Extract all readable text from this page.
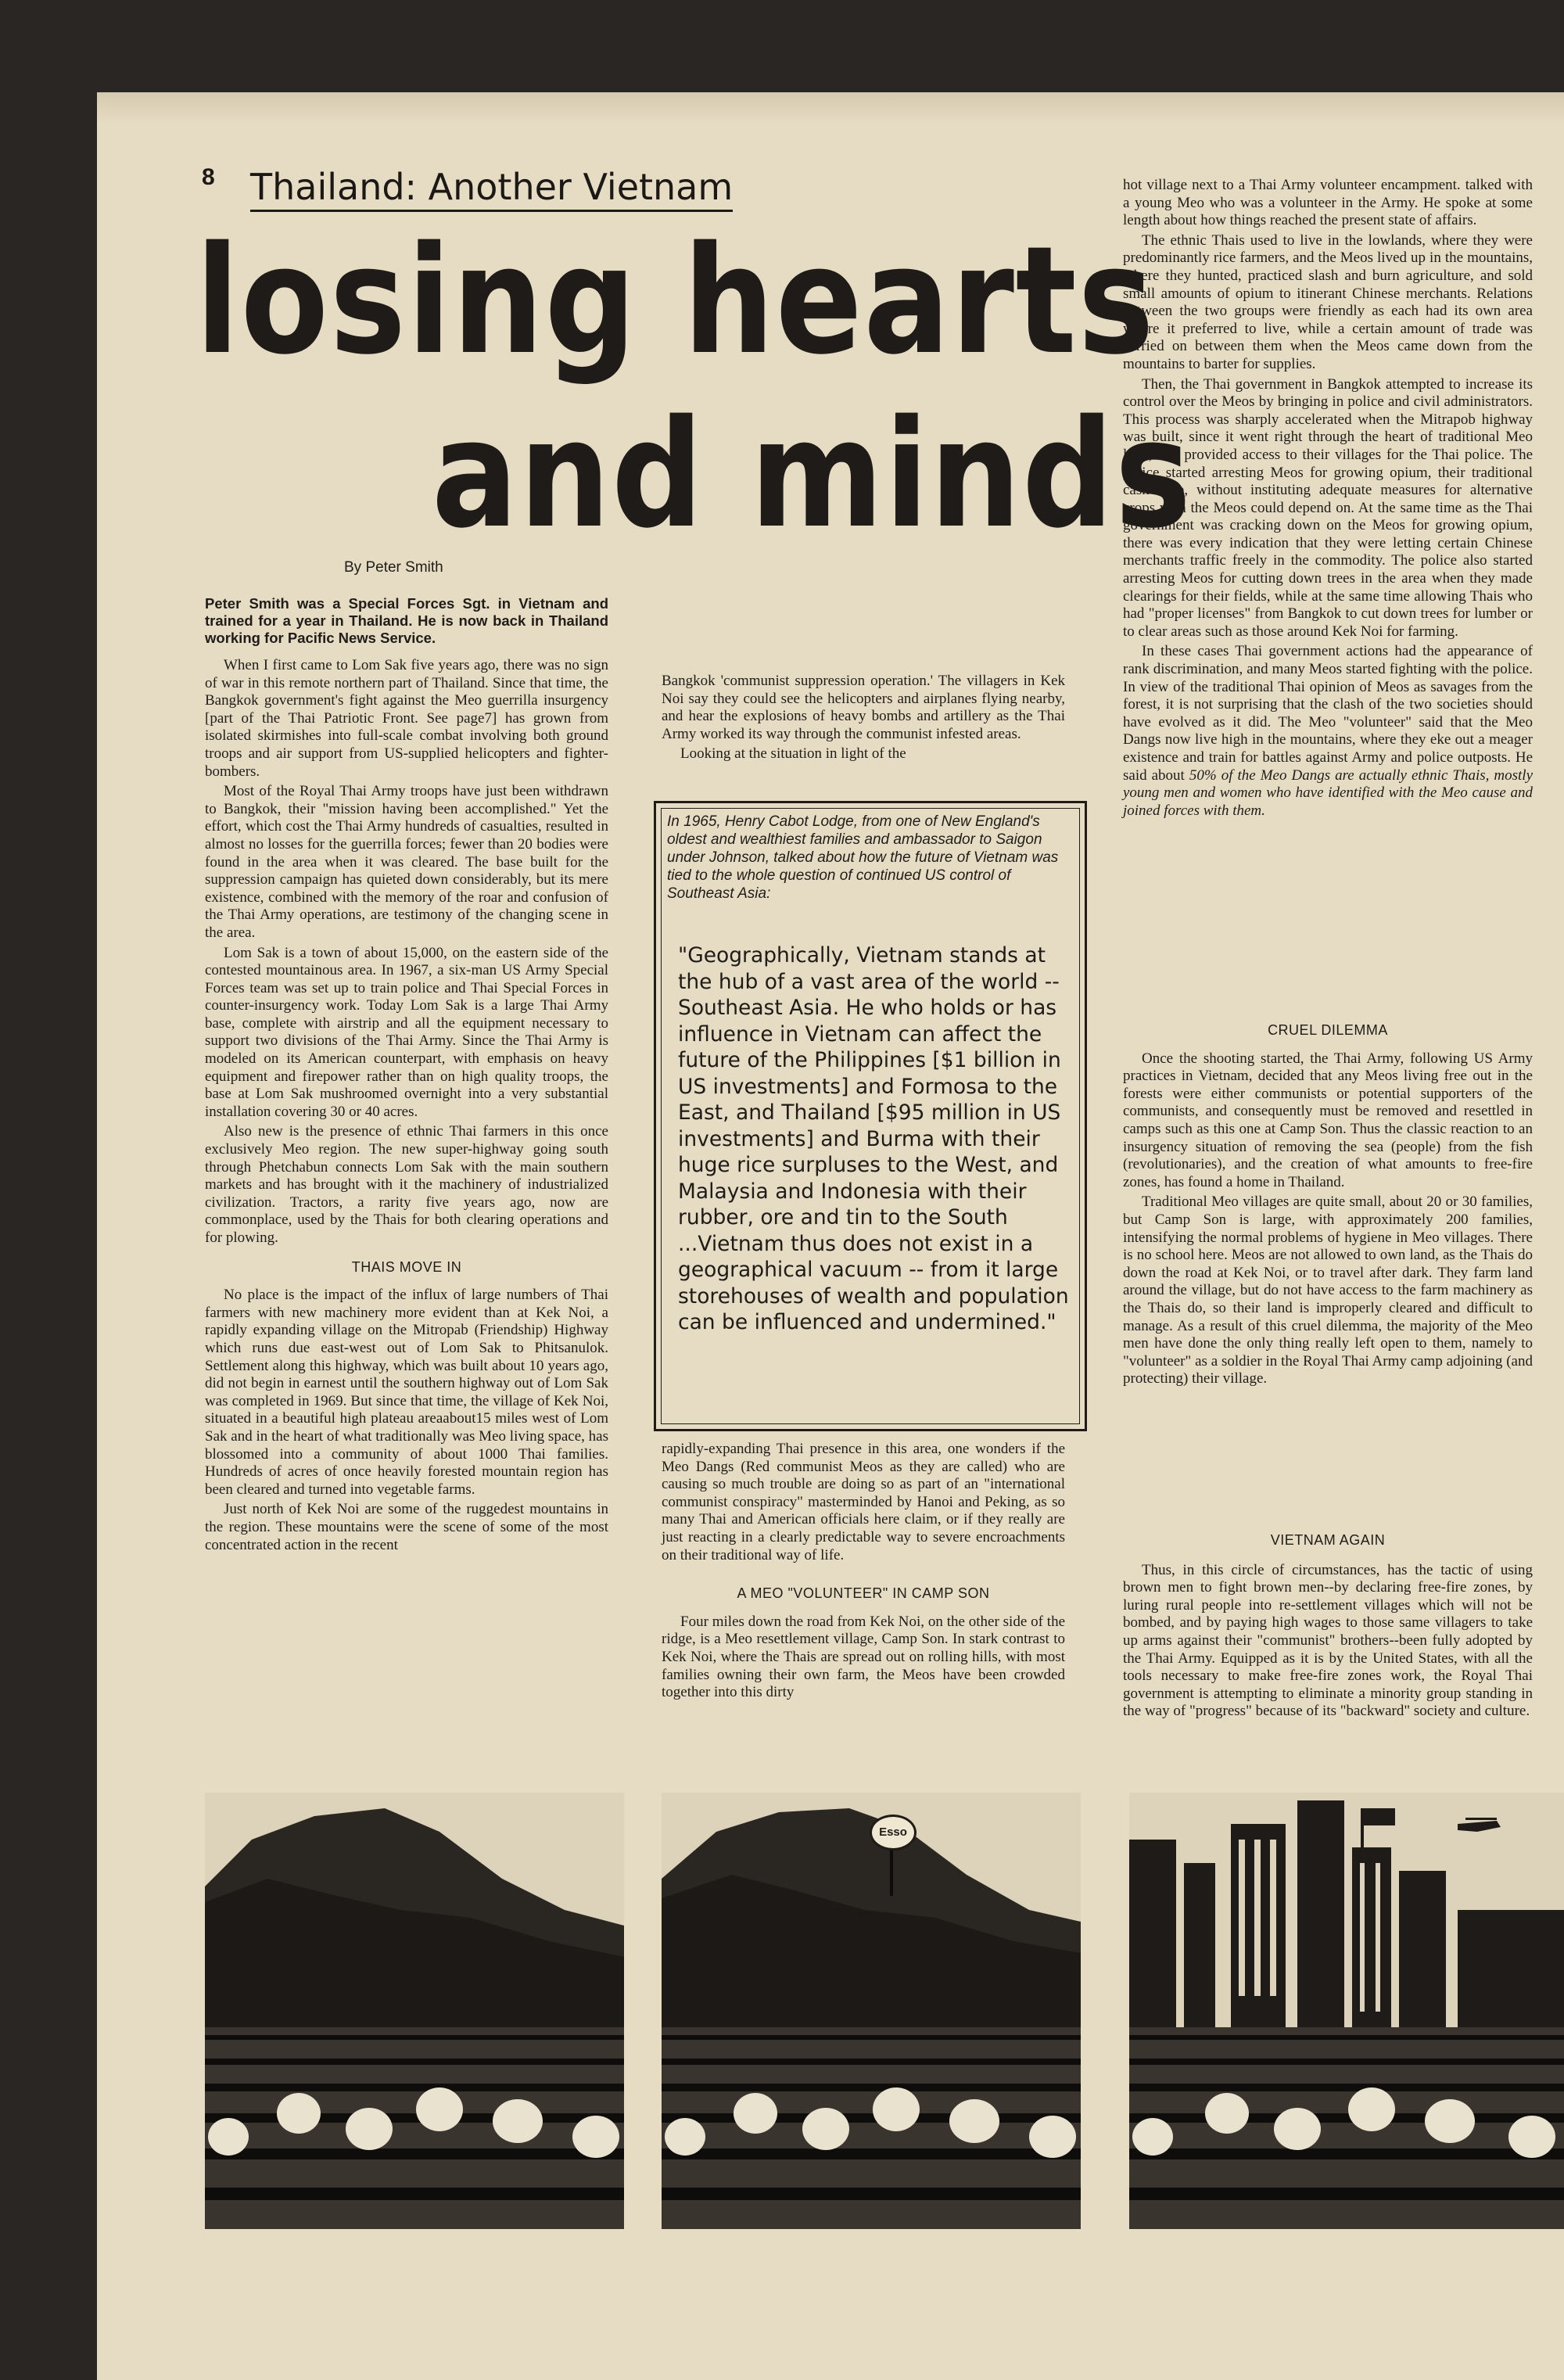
8 Thailand: Another Vietnam
losing hearts
and minds
By Peter Smith
Peter Smith was a Special Forces Sgt. in Vietnam and trained for a year in Thailand. He is now back in Thailand working for Pacific News Service.

When I first came to Lom Sak five years ago, there was no sign of war in this remote northern part of Thailand. Since that time, the Bangkok government's fight against the Meo guerrilla insurgency [part of the Thai Patriotic Front. See page7] has grown from isolated skirmishes into full-scale combat involving both ground troops and air support from US-supplied helicopters and fighter-bombers.

Most of the Royal Thai Army troops have just been withdrawn to Bangkok, their "mission having been accomplished." Yet the effort, which cost the Thai Army hundreds of casualties, resulted in almost no losses for the guerrilla forces; fewer than 20 bodies were found in the area when it was cleared. The base built for the suppression campaign has quieted down considerably, but its mere existence, combined with the memory of the roar and confusion of the Thai Army operations, are testimony of the changing scene in the area.

Lom Sak is a town of about 15,000, on the eastern side of the contested mountainous area. In 1967, a six-man US Army Special Forces team was set up to train police and Thai Special Forces in counter-insurgency work. Today Lom Sak is a large Thai Army base, complete with airstrip and all the equipment necessary to support two divisions of the Thai Army. Since the Thai Army is modeled on its American counterpart, with emphasis on heavy equipment and firepower rather than on high quality troops, the base at Lom Sak mushroomed overnight into a very substantial installation covering 30 or 40 acres.

Also new is the presence of ethnic Thai farmers in this once exclusively Meo region. The new super-highway going south through Phetchabun connects Lom Sak with the main southern markets and has brought with it the machinery of industrialized civilization. Tractors, a rarity five years ago, now are commonplace, used by the Thais for both clearing operations and for plowing.

THAIS MOVE IN

No place is the impact of the influx of large numbers of Thai farmers with new machinery more evident than at Kek Noi, a rapidly expanding village on the Mitropab (Friendship) Highway which runs due east-west out of Lom Sak to Phitsanulok. Settlement along this highway, which was built about 10 years ago, did not begin in earnest until the southern highway out of Lom Sak was completed in 1969. But since that time, the village of Kek Noi, situated in a beautiful high plateau areaabout15 miles west of Lom Sak and in the heart of what traditionally was Meo living space, has blossomed into a community of about 1000 Thai families. Hundreds of acres of once heavily forested mountain region has been cleared and turned into vegetable farms.

Just north of Kek Noi are some of the ruggedest mountains in the region. These mountains were the scene of some of the most concentrated action in the recent

Bangkok 'communist suppression operation.' The villagers in Kek Noi say they could see the helicopters and airplanes flying nearby, and hear the explosions of heavy bombs and artillery as the Thai Army worked its way through the communist infested areas.

Looking at the situation in light of the

In 1965, Henry Cabot Lodge, from one of New England's oldest and wealthiest families and ambassador to Saigon under Johnson, talked about how the future of Vietnam was tied to the whole question of continued US control of Southeast Asia:
"Geographically, Vietnam stands at the hub of a vast area of the world -- Southeast Asia. He who holds or has influence in Vietnam can affect the future of the Philippines [$1 billion in US investments] and Formosa to the East, and Thailand [$95 million in US investments] and Burma with their huge rice surpluses to the West, and Malaysia and Indonesia with their rubber, ore and tin to the South ...Vietnam thus does not exist in a geographical vacuum -- from it large storehouses of wealth and population can be influenced and undermined."

rapidly-expanding Thai presence in this area, one wonders if the Meo Dangs (Red communist Meos as they are called) who are causing so much trouble are doing so as part of an "international communist conspiracy" masterminded by Hanoi and Peking, as so many Thai and American officials here claim, or if they really are just reacting in a clearly predictable way to severe encroachments on their traditional way of life.

A MEO "VOLUNTEER" IN CAMP SON

Four miles down the road from Kek Noi, on the other side of the ridge, is a Meo resettlement village, Camp Son. In stark contrast to Kek Noi, where the Thais are spread out on rolling hills, with most families owning their own farm, the Meos have been crowded together into this dirty

hot village next to a Thai Army volunteer encampment. talked with a young Meo who was a volunteer in the Army. He spoke at some length about how things reached the present state of affairs.

The ethnic Thais used to live in the lowlands, where they were predominantly rice farmers, and the Meos lived up in the mountains, where they hunted, practiced slash and burn agriculture, and sold small amounts of opium to itinerant Chinese merchants. Relations between the two groups were friendly as each had its own area where it preferred to live, while a certain amount of trade was carried on between them when the Meos came down from the mountains to barter for supplies.

Then, the Thai government in Bangkok attempted to increase its control over the Meos by bringing in police and civil administrators. This process was sharply accelerated when the Mitrapob highway was built, since it went right through the heart of traditional Meo land, and provided access to their villages for the Thai police. The police started arresting Meos for growing opium, their traditional cash crop, without instituting adequate measures for alternative crops with the Meos could depend on. At the same time as the Thai government was cracking down on the Meos for growing opium, there was every indication that they were letting certain Chinese merchants traffic freely in the commodity. The police also started arresting Meos for cutting down trees in the area when they made clearings for their fields, while at the same time allowing Thais who had "proper licenses" from Bangkok to cut down trees for lumber or to clear areas such as those around Kek Noi for farming.

In these cases Thai government actions had the appearance of rank discrimination, and many Meos started fighting with the police. In view of the traditional Thai opinion of Meos as savages from the forest, it is not surprising that the clash of the two societies should have evolved as it did. The Meo "volunteer" said that the Meo Dangs now live high in the mountains, where they eke out a meager existence and train for battles against Army and police outposts. He said about 50% of the Meo Dangs are actually ethnic Thais, mostly young men and women who have identified with the Meo cause and joined forces with them.

CRUEL DILEMMA

Once the shooting started, the Thai Army, following US Army practices in Vietnam, decided that any Meos living free out in the forests were either communists or potential supporters of the communists, and consequently must be removed and resettled in camps such as this one at Camp Son. Thus the classic reaction to an insurgency situation of removing the sea (people) from the fish (revolutionaries), and the creation of what amounts to free-fire zones, has found a home in Thailand.

Traditional Meo villages are quite small, about 20 or 30 families, but Camp Son is large, with approximately 200 families, intensifying the normal problems of hygiene in Meo villages. There is no school here. Meos are not allowed to own land, as the Thais do down the road at Kek Noi, or to travel after dark. They farm land around the village, but do not have access to the farm machinery as the Thais do, so their land is improperly cleared and difficult to manage. As a result of this cruel dilemma, the majority of the Meo men have done the only thing really left open to them, namely to "volunteer" as a soldier in the Royal Thai Army camp adjoining (and protecting) their village.

VIETNAM AGAIN

Thus, in this circle of circumstances, has the tactic of using brown men to fight brown men--by declaring free-fire zones, by luring rural people into re-settlement villages which will not be bombed, and by paying high wages to those same villagers to take up arms against their "communist" brothers--been fully adopted by the Thai Army. Equipped as it is by the United States, with all the tools necessary to make free-fire zones work, the Royal Thai government is attempting to eliminate a minority group standing in the way of "progress" because of its "backward" society and culture.

Esso
